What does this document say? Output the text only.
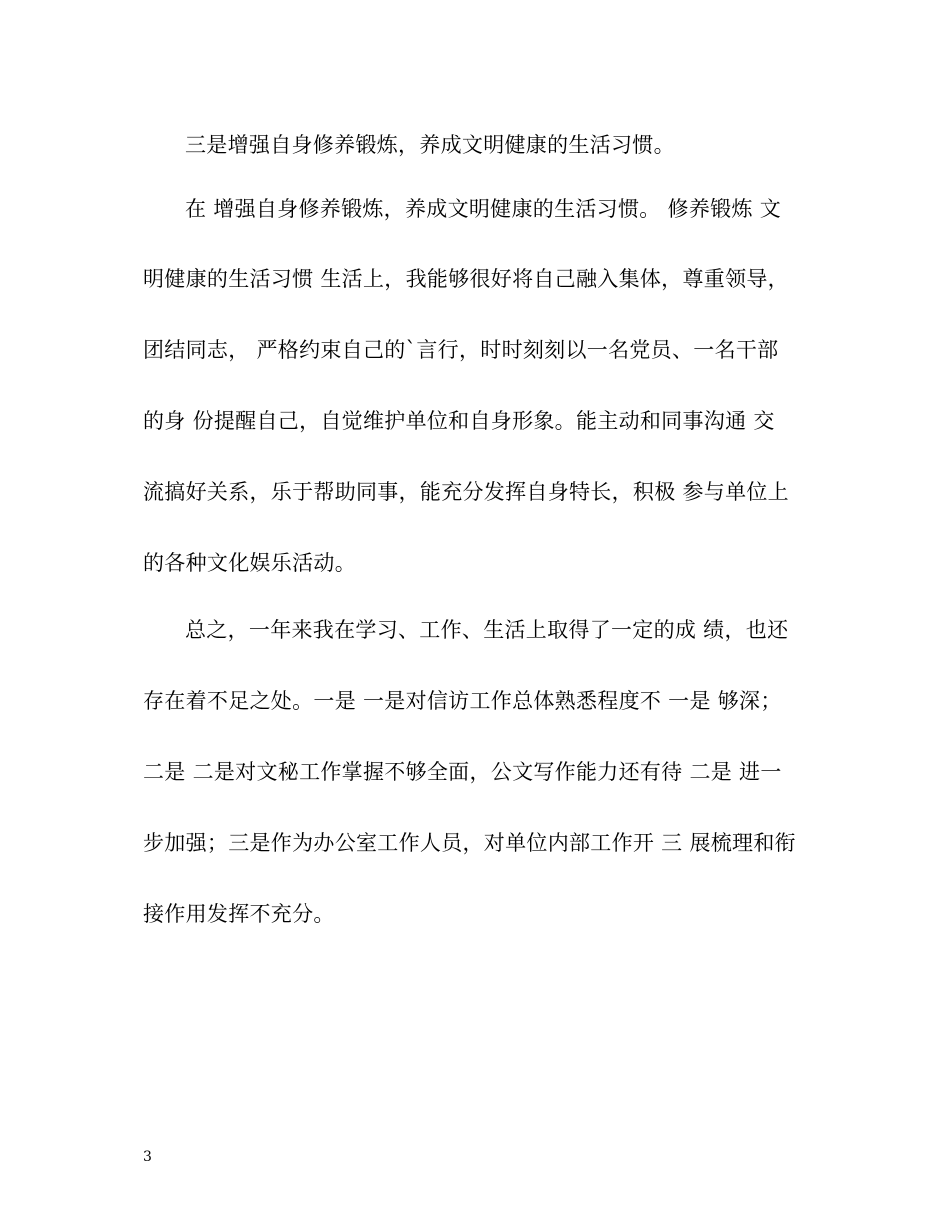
三是增强自身修养锻炼，养成文明健康的生活习惯。
在 增强自身修养锻炼，养成文明健康的生活习惯。 修养锻炼 文
明健康的生活习惯 生活上，我能够很好将自己融入集体，尊重领导，
团结同志， 严格约束自己的`言行，时时刻刻以一名党员、一名干部
的身 份提醒自己，自觉维护单位和自身形象。能主动和同事沟通 交
流搞好关系，乐于帮助同事，能充分发挥自身特长，积极 参与单位上
的各种文化娱乐活动。
总之，一年来我在学习、工作、生活上取得了一定的成 绩，也还
存在着不足之处。一是 一是对信访工作总体熟悉程度不 一是 够深；
二是 二是对文秘工作掌握不够全面，公文写作能力还有待 二是 进一
步加强；三是作为办公室工作人员，对单位内部工作开 三 展梳理和衔
接作用发挥不充分。
3
